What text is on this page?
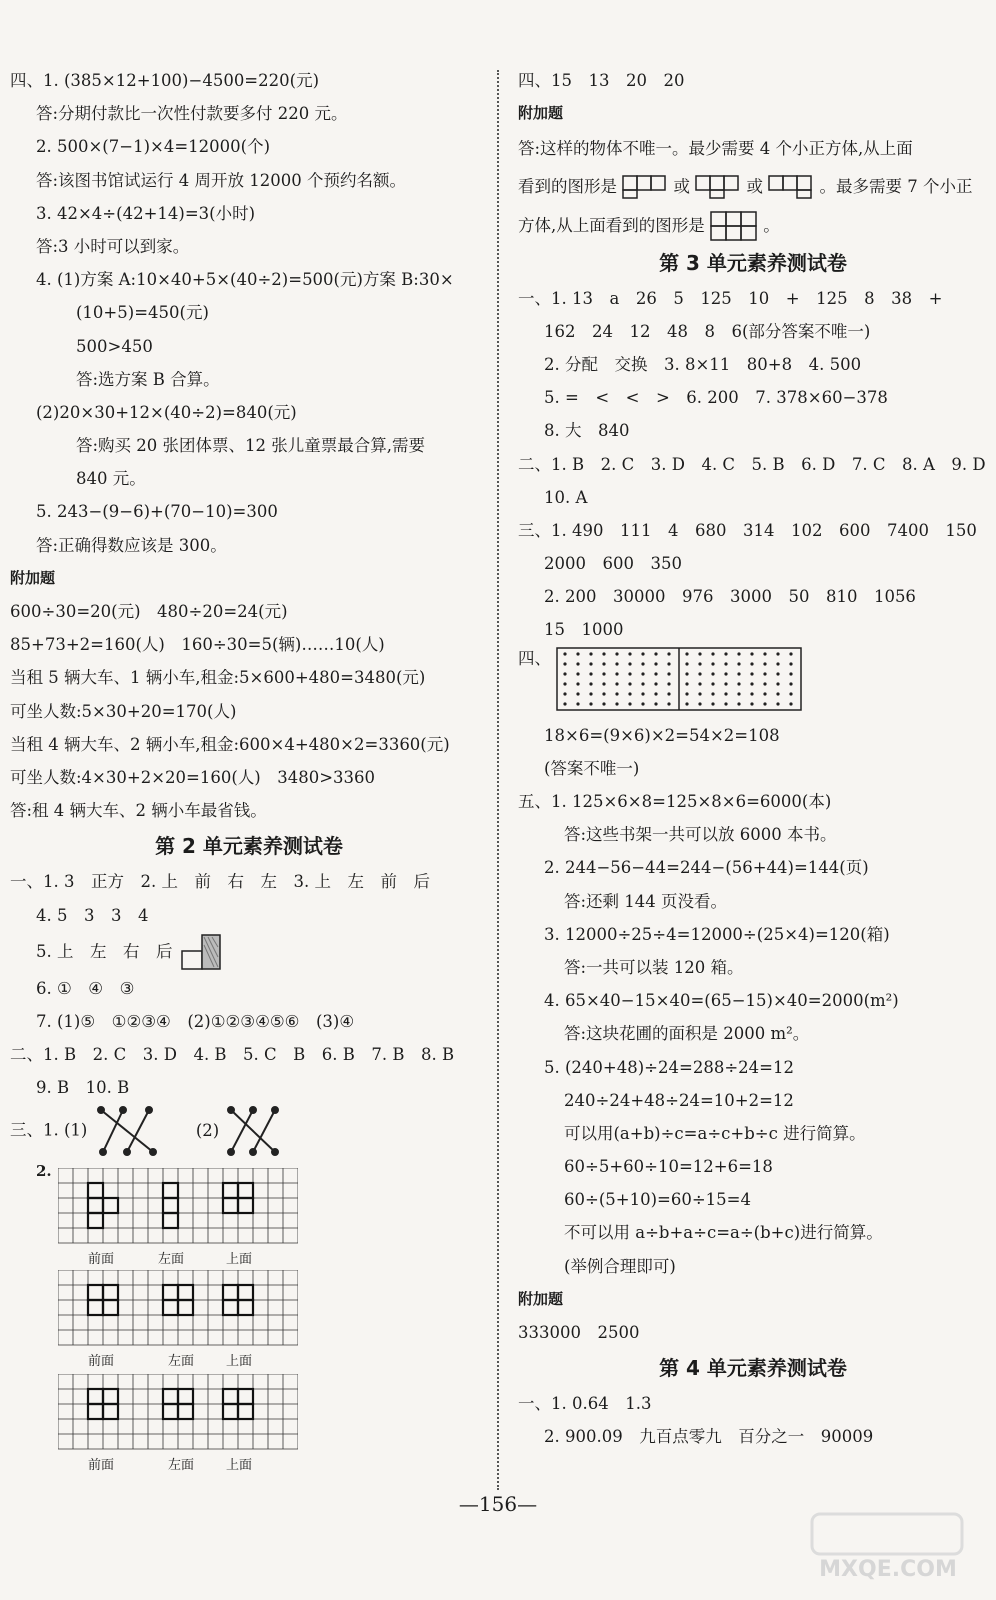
四、1. (385×12+100)−4500=220(元)
答:分期付款比一次性付款要多付 220 元。
2. 500×(7−1)×4=12000(个)
答:该图书馆试运行 4 周开放 12000 个预约名额。
3. 42×4÷(42+14)=3(小时)
答:3 小时可以到家。
4. (1)方案 A:10×40+5×(40÷2)=500(元)方案 B:30×
(10+5)=450(元)
500>450
答:选方案 B 合算。
(2)20×30+12×(40÷2)=840(元)
答:购买 20 张团体票、12 张儿童票最合算,需要
840 元。
5. 243−(9−6)+(70−10)=300
答:正确得数应该是 300。
附加题
600÷30=20(元)　480÷20=24(元)
85+73+2=160(人)　160÷30=5(辆)……10(人)
当租 5 辆大车、1 辆小车,租金:5×600+480=3480(元)
可坐人数:5×30+20=170(人)
当租 4 辆大车、2 辆小车,租金:600×4+480×2=3360(元)
可坐人数:4×30+2×20=160(人)　3480>3360
答:租 4 辆大车、2 辆小车最省钱。
第 2 单元素养测试卷
一、1. 3　正方　2. 上　前　右　左　3. 上　左　前　后
4. 5　3　3　4
5. 上　左　右　后
6. ①　④　③
7. (1)⑤　①②③④　(2)①②③④⑤⑥　(3)④
二、1. B　2. C　3. D　4. B　5. C　B　6. B　7. B　8. B
9. B　10. B
三、1. (1)	(2)
2.
前面	左面	上面
前面	左面 上面
前面	左面 上面
四、15　13　20　20
附加题
答:这样的物体不唯一。最少需要 4 个小正方体,从上面
看到的图形是	或	或	。最多需要 7 个小正
方体,从上面看到的图形是	。
第 3 单元素养测试卷
一、1. 13　a　26　5　125　10　+　125　8　38　+
162　24　12　48　8　6(部分答案不唯一)
2. 分配　交换　3. 8×11　80+8　4. 500
5. =　<　<　>　6. 200　7. 378×60−378
8. 大　840
二、1. B　2. C　3. D　4. C　5. B　6. D　7. C　8. A　9. D
10. A
三、1. 490　111　4　680　314　102　600　7400　150
2000　600　350
2. 200　30000　976　3000　50　810　1056
15　1000
四、
18×6=(9×6)×2=54×2=108
(答案不唯一)
五、1. 125×6×8=125×8×6=6000(本)
答:这些书架一共可以放 6000 本书。
2. 244−56−44=244−(56+44)=144(页)
答:还剩 144 页没看。
3. 12000÷25÷4=12000÷(25×4)=120(箱)
答:一共可以装 120 箱。
4. 65×40−15×40=(65−15)×40=2000(m²)
答:这块花圃的面积是 2000 m²。
5. (240+48)÷24=288÷24=12
240÷24+48÷24=10+2=12
可以用(a+b)÷c=a÷c+b÷c 进行简算。
60÷5+60÷10=12+6=18
60÷(5+10)=60÷15=4
不可以用 a÷b+a÷c=a÷(b+c)进行简算。
(举例合理即可)
附加题
333000　2500
第 4 单元素养测试卷
一、1. 0.64　1.3
2. 900.09　九百点零九　百分之一　90009
—156—
MXQE.COM
